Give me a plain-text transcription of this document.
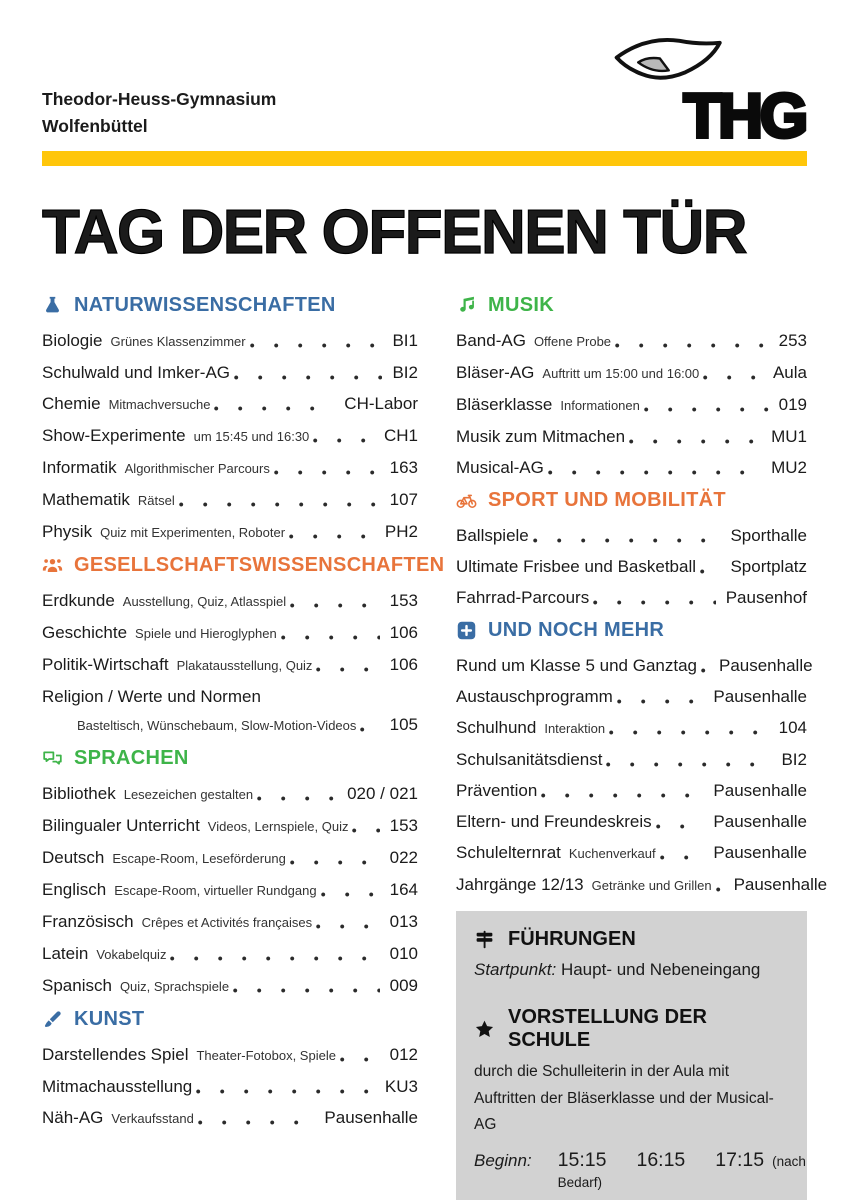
Theodor-Heuss-Gymnasium
Wolfenbüttel	THG
TAG DER OFFENEN TÜR
NATURWISSENSCHAFTEN
Biologie Grünes Klassenzimmer	BI1
Schulwald und Imker-AG	BI2
Chemie Mitmachversuche	CH-Labor
Show-Experimente um 15:45 und 16:30	CH1
Informatik Algorithmischer Parcours	163
Mathematik Rätsel	107
Physik Quiz mit Experimenten, Roboter	PH2
GESELLSCHAFTSWISSENSCHAFTEN
Erdkunde Ausstellung, Quiz, Atlasspiel	153
Geschichte Spiele und Hieroglyphen	106
Politik-Wirtschaft Plakatausstellung, Quiz	106
Religion / Werte und Normen
Basteltisch, Wünschebaum, Slow-Motion-Videos 105
SPRACHEN
Bibliothek Lesezeichen gestalten	020 / 021
Bilingualer Unterricht Videos, Lernspiele, Quiz 153
Deutsch Escape-Room, Leseförderung	022
Englisch Escape-Room, virtueller Rundgang	164
Französisch Crêpes et Activités françaises	013
Latein Vokabelquiz	010
Spanisch Quiz, Sprachspiele	009
KUNST
Darstellendes Spiel Theater-Fotobox, Spiele	012
Mitmachausstellung	KU3
Näh-AG Verkaufsstand	Pausenhalle
MUSIK
Band-AG Offene Probe	253
Bläser-AG Auftritt um 15:00 und 16:00	Aula
Bläserklasse Informationen	019
Musik zum Mitmachen	MU1
Musical-AG	MU2
SPORT UND MOBILITÄT
Ballspiele	Sporthalle
Ultimate Frisbee und Basketball Sportplatz
Fahrrad-Parcours	Pausenhof
UND NOCH MEHR
Rund um Klasse 5 und Ganztag Pausenhalle
Austauschprogramm	Pausenhalle
Schulhund Interaktion	104
Schulsanitätsdienst	BI2
Prävention	Pausenhalle
Eltern- und Freundeskreis	Pausenhalle
Schulelternrat Kuchenverkauf	Pausenhalle
Jahrgänge 12/13 Getränke und Grillen Pausenhalle
FÜHRUNGEN

Startpunkt: Haupt- und Nebeneingang

VORSTELLUNG DER SCHULE

durch die Schulleiterin in der Aula mit Auftritten der Bläserklasse und der Musical-AG

Beginn: 15:15 16:15 17:15 (nach Bedarf)
